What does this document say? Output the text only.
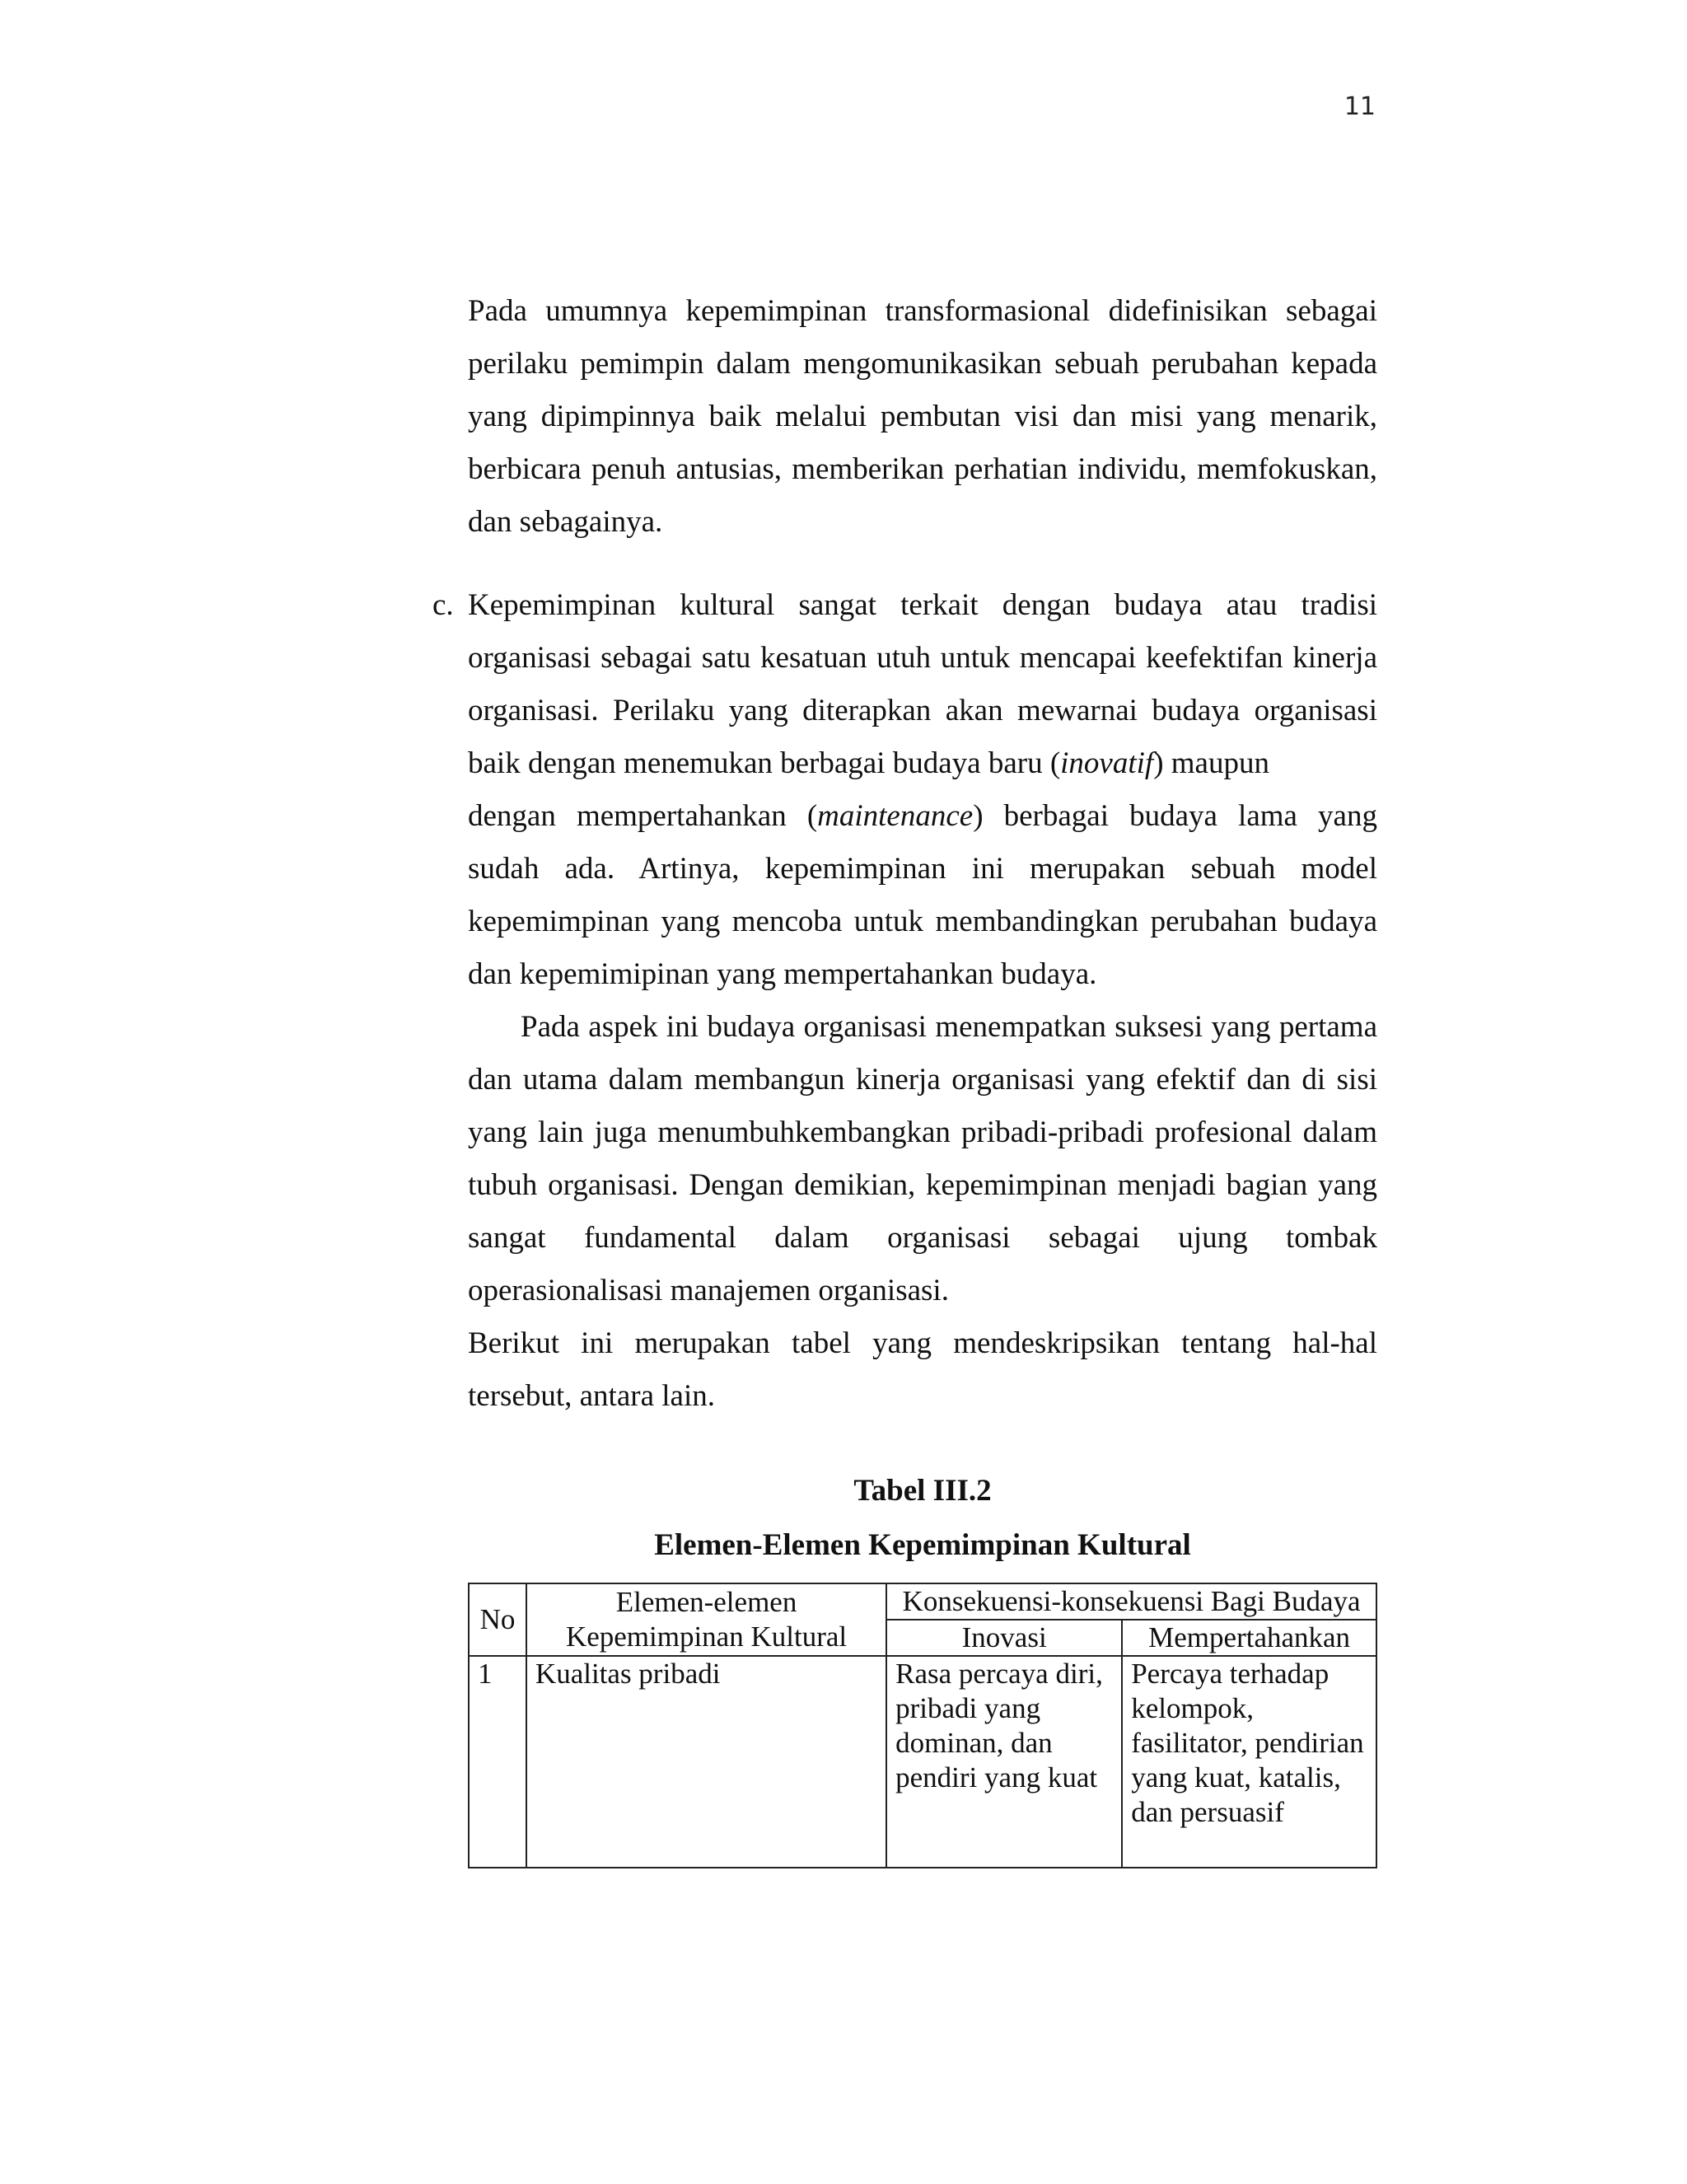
11

Pada umumnya kepemimpinan transformasional didefinisikan sebagai perilaku pemimpin dalam mengomunikasikan sebuah perubahan kepada yang dipimpinnya baik melalui pembutan visi dan misi yang menarik, berbicara penuh antusias, memberikan perhatian individu, memfokuskan, dan sebagainya.

c. Kepemimpinan kultural sangat terkait dengan budaya atau tradisi organisasi sebagai satu kesatuan utuh untuk mencapai keefektifan kinerja organisasi. Perilaku yang diterapkan akan mewarnai budaya organisasi baik dengan menemukan berbagai budaya baru (inovatif) maupun
dengan mempertahankan (maintenance) berbagai budaya lama yang sudah ada. Artinya, kepemimpinan ini merupakan sebuah model kepemimpinan yang mencoba untuk membandingkan perubahan budaya dan kepemimipinan yang mempertahankan budaya.

Pada aspek ini budaya organisasi menempatkan suksesi yang pertama dan utama dalam membangun kinerja organisasi yang efektif dan di sisi yang lain juga menumbuhkembangkan pribadi-pribadi profesional dalam tubuh organisasi. Dengan demikian, kepemimpinan menjadi bagian yang sangat fundamental dalam organisasi sebagai ujung tombak operasionalisasi manajemen organisasi.

Berikut ini merupakan tabel yang mendeskripsikan tentang hal-hal tersebut, antara lain.

Tabel III.2
Elemen-Elemen Kepemimpinan Kultural
No	Elemen-elemen Kepemimpinan Kultural	Konsekuensi-konsekuensi Bagi Budaya	
		Inovasi	Mempertahankan
1	Kualitas pribadi	Rasa percaya diri, pribadi yang dominan, dan pendiri yang kuat	Percaya terhadap kelompok, fasilitator, pendirian yang kuat, katalis, dan persuasif
